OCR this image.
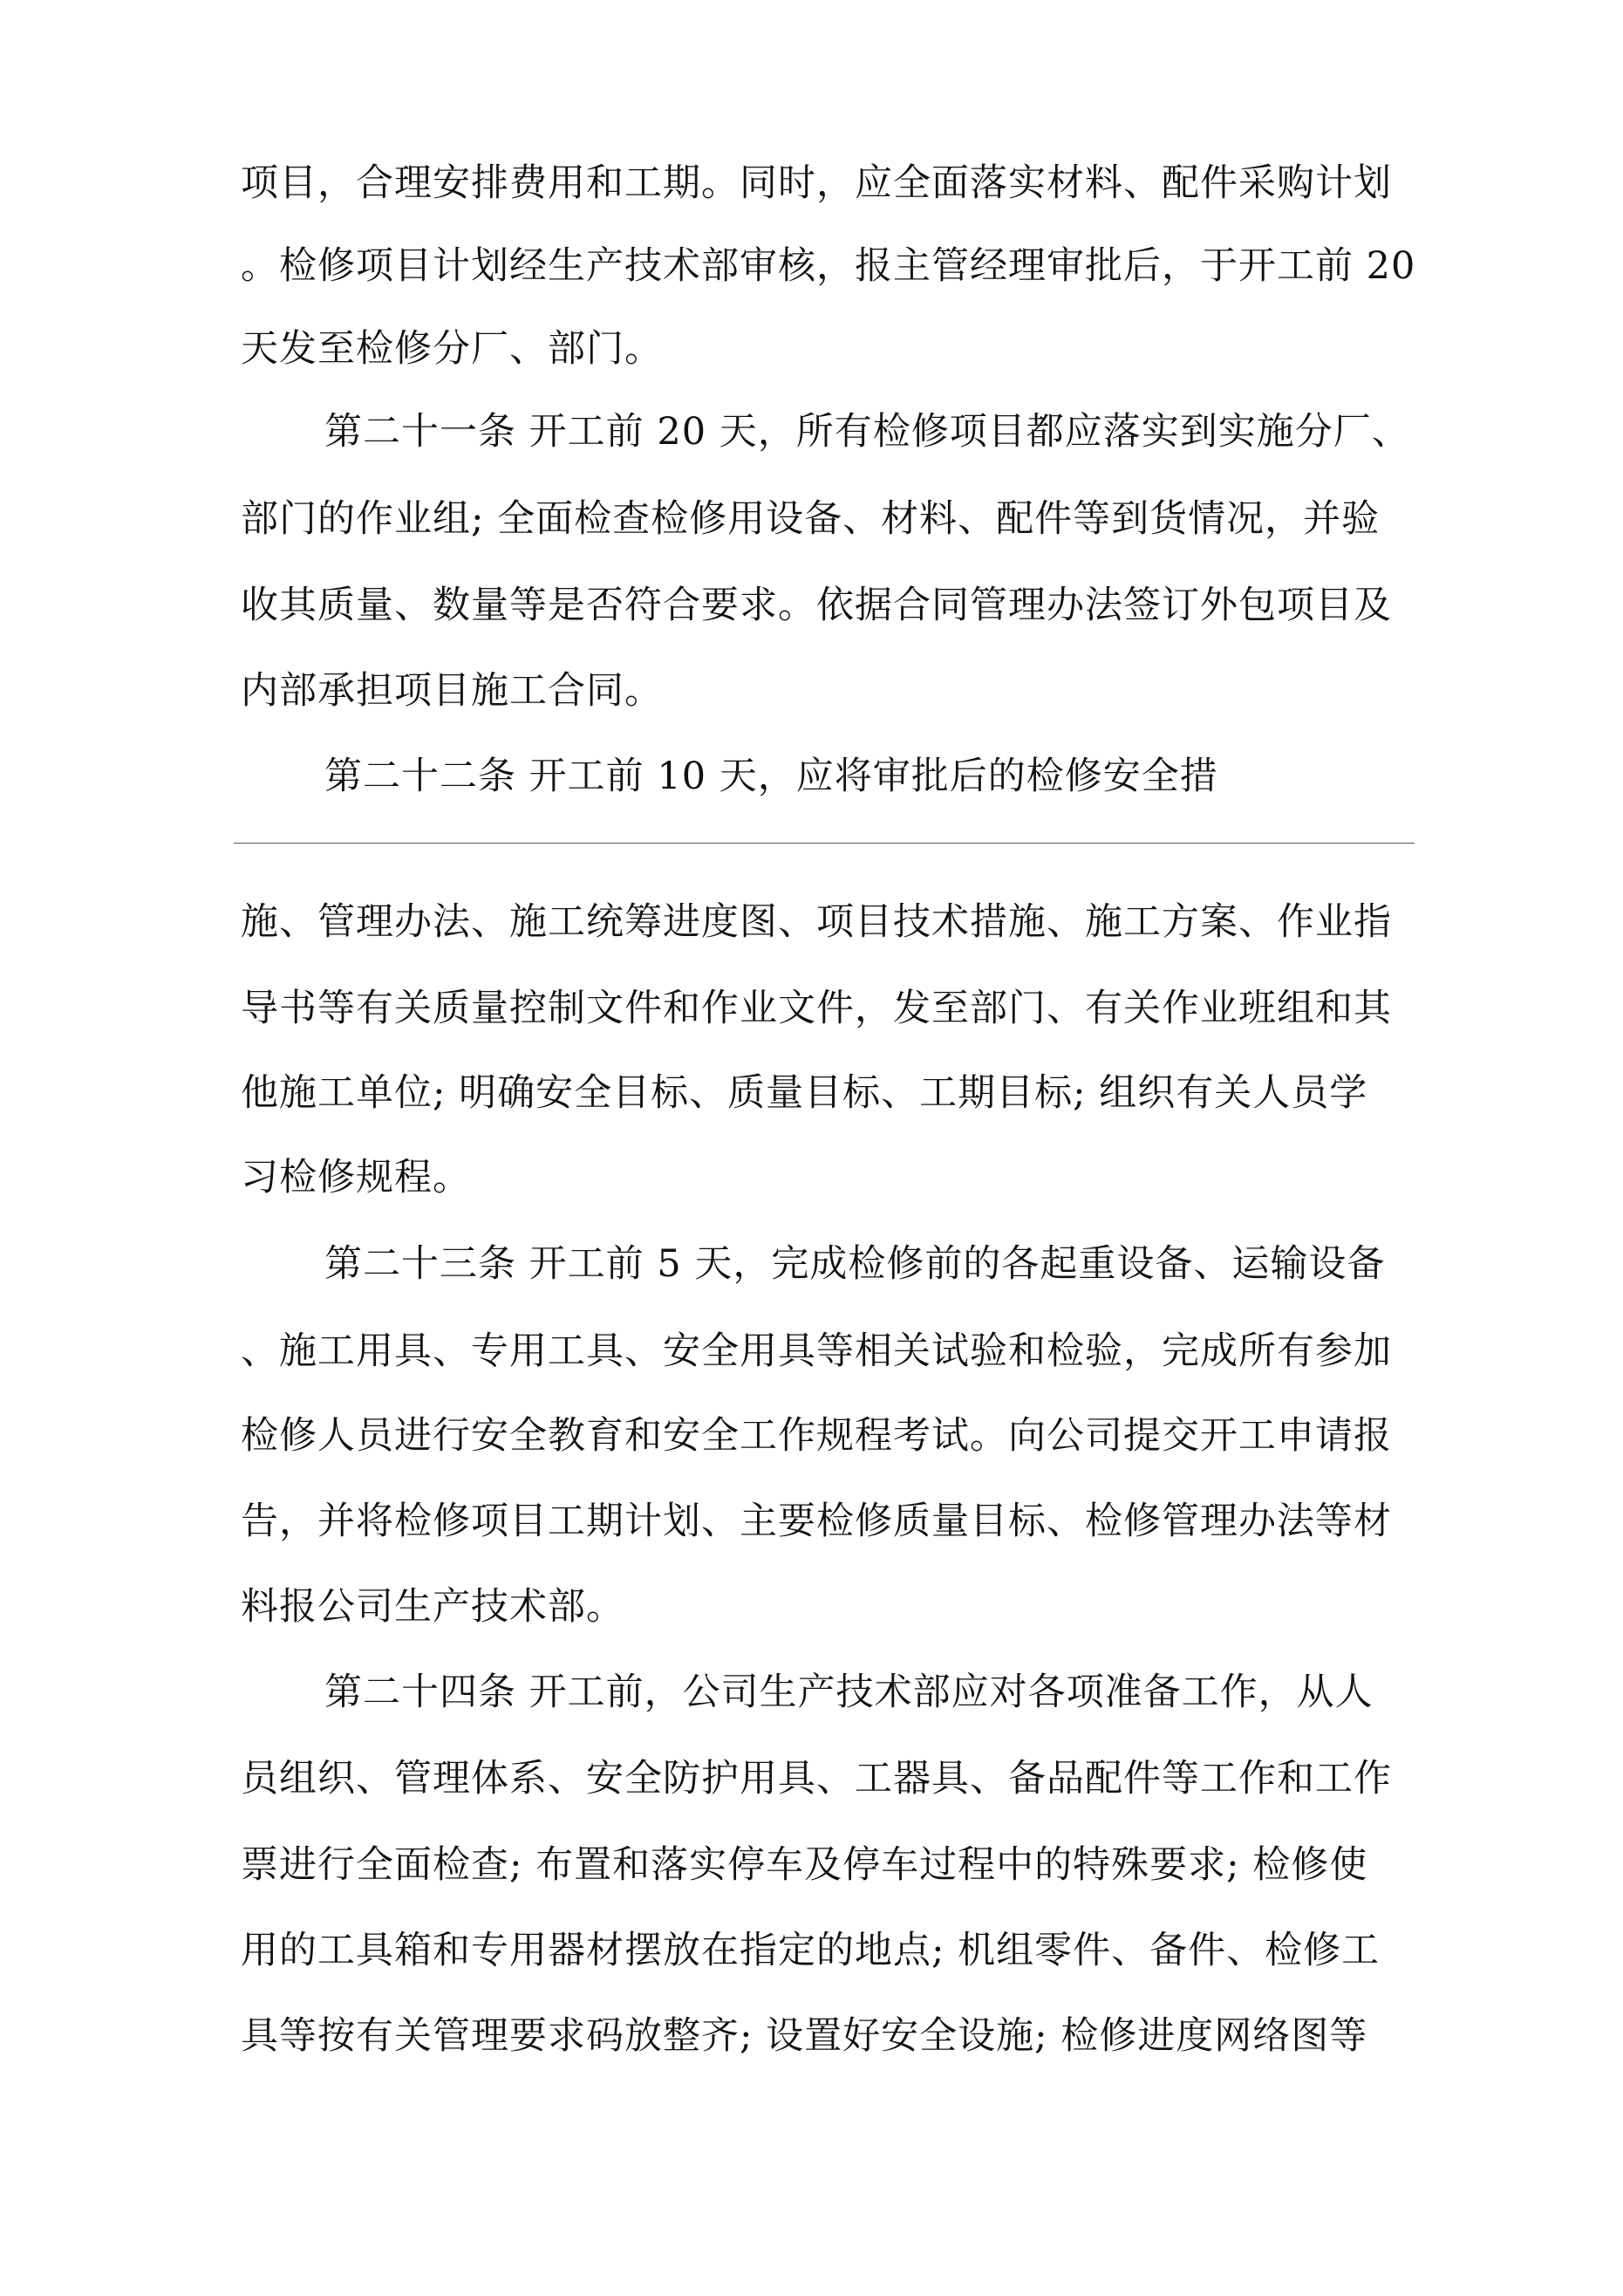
项目，合理安排费用和工期。同时，应全面落实材料、配件采购计划
。检修项目计划经生产技术部审核，报主管经理审批后，于开工前 20
天发至检修分厂、部门。
第二十一条 开工前 20 天，所有检修项目都应落实到实施分厂、
部门的作业组; 全面检查检修用设备、材料、配件等到货情况，并验
收其质量、数量等是否符合要求。依据合同管理办法签订外包项目及
内部承担项目施工合同。
第二十二条 开工前 10 天，应将审批后的检修安全措
施、管理办法、施工统筹进度图、项目技术措施、施工方案、作业指
导书等有关质量控制文件和作业文件，发至部门、有关作业班组和其
他施工单位; 明确安全目标、质量目标、工期目标; 组织有关人员学
习检修规程。
第二十三条 开工前 5 天，完成检修前的各起重设备、运输设备
、施工用具、专用工具、安全用具等相关试验和检验，完成所有参加
检修人员进行安全教育和安全工作规程考试。向公司提交开工申请报
告，并将检修项目工期计划、主要检修质量目标、检修管理办法等材
料报公司生产技术部。
第二十四条 开工前，公司生产技术部应对各项准备工作，从人
员组织、管理体系、安全防护用具、工器具、备品配件等工作和工作
票进行全面检查; 布置和落实停车及停车过程中的特殊要求; 检修使
用的工具箱和专用器材摆放在指定的地点; 机组零件、备件、检修工
具等按有关管理要求码放整齐; 设置好安全设施; 检修进度网络图等
